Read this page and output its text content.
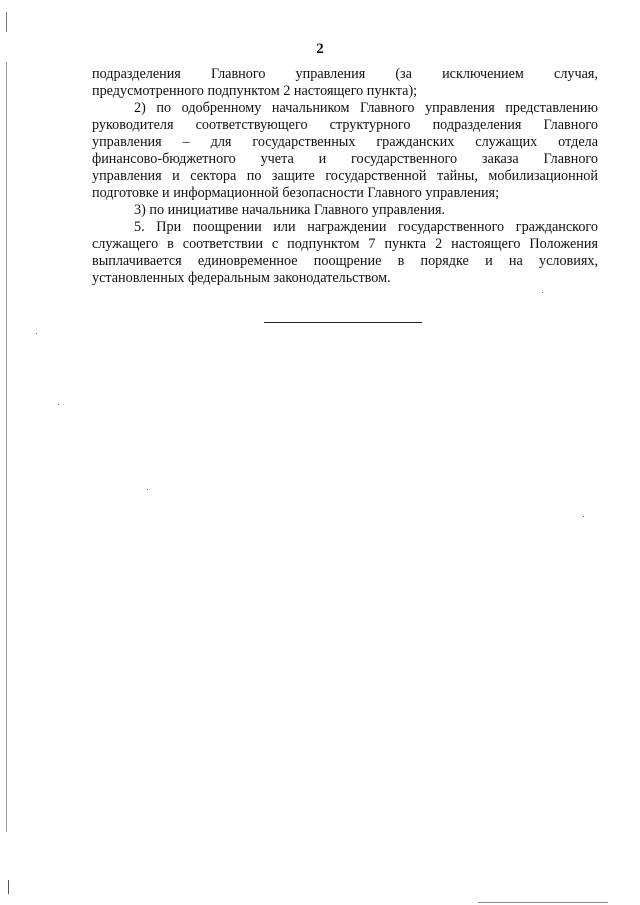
2
подразделения Главного управления (за исключением случая,
предусмотренного подпунктом 2 настоящего пункта);
2) по одобренному начальником Главного управления представлению
руководителя соответствующего структурного подразделения Главного
управления – для государственных гражданских служащих отдела
финансово-бюджетного учета и государственного заказа Главного
управления и сектора по защите государственной тайны, мобилизационной
подготовке и информационной безопасности Главного управления;
3) по инициативе начальника Главного управления.
5. При поощрении или награждении государственного гражданского
служащего в соответствии с подпунктом 7 пункта 2 настоящего Положения
выплачивается единовременное поощрение в порядке и на условиях,
установленных федеральным законодательством.
